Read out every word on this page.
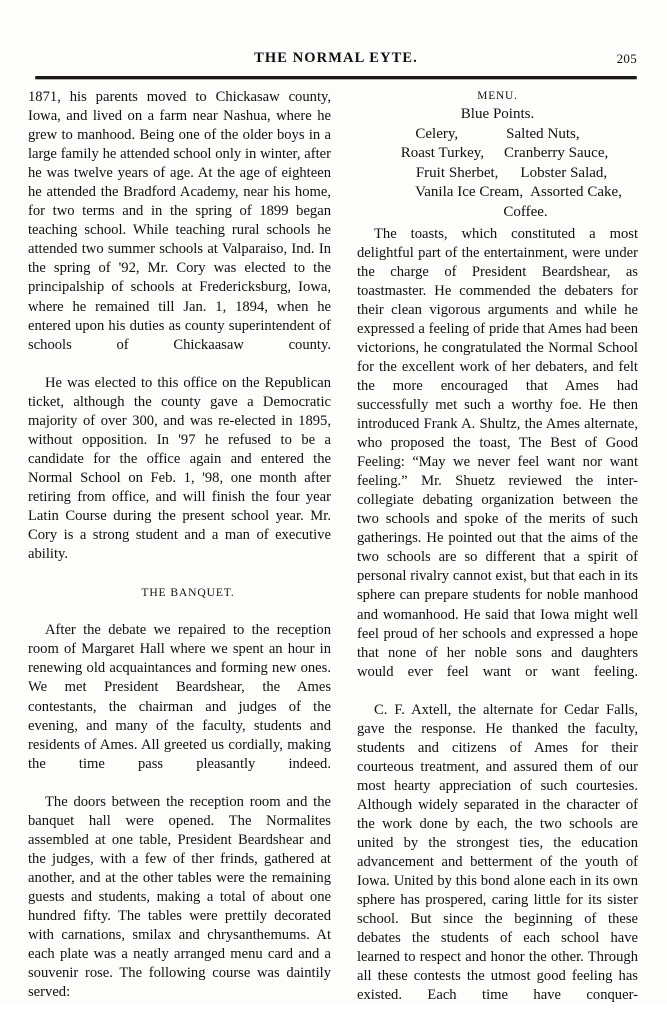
THE NORMAL EYTE.	205

1871, his parents moved to Chickasaw county, Iowa, and lived on a farm near Nashua, where he grew to manhood. Being one of the older boys in a large family he attended school only in winter, after he was twelve years of age. At the age of eighteen he attended the Bradford Academy, near his home, for two terms and in the spring of 1899 began teaching school. While teaching rural schools he attended two summer schools at Valparaiso, Ind. In the spring of '92, Mr. Cory was elected to the principalship of schools at Fredericksburg, Iowa, where he remained till Jan. 1, 1894, when he entered upon his duties as county superintendent of schools of Chickaasaw county.

He was elected to this office on the Republican ticket, although the county gave a Democratic majority of over 300, and was re-elected in 1895, without opposition. In '97 he refused to be a candidate for the office again and entered the Normal School on Feb. 1, '98, one month after retiring from office, and will finish the four year Latin Course during the present school year. Mr. Cory is a strong student and a man of executive ability.

THE BANQUET.

After the debate we repaired to the reception room of Margaret Hall where we spent an hour in renewing old acquaintances and forming new ones. We met President Beardshear, the Ames contestants, the chairman and judges of the evening, and many of the faculty, students and residents of Ames. All greeted us cordially, making the time pass pleasantly indeed.

The doors between the reception room and the banquet hall were opened. The Normalites assembled at one table, President Beardshear and the judges, with a few of ther frinds, gathered at another, and at the other tables were the remaining guests and students, making a total of about one hundred fifty. The tables were prettily decorated with carnations, smilax and chrysanthemums. At each plate was a neatly arranged menu card and a souvenir rose. The following course was daintily served:

MENU.
Blue Points.
Celery,	Salted Nuts,
Roast Turkey, Cranberry Sauce,
Fruit Sherbet, Lobster Salad,
Vanila Ice Cream, Assorted Cake,
Coffee.

The toasts, which constituted a most delightful part of the entertainment, were under the charge of President Beardshear, as toastmaster. He commended the debaters for their clean vigorous arguments and while he expressed a feeling of pride that Ames had been victorions, he congratulated the Normal School for the excellent work of her debaters, and felt the more encouraged that Ames had successfully met such a worthy foe. He then introduced Frank A. Shultz, the Ames alternate, who proposed the toast, The Best of Good Feeling: “May we never feel want nor want feeling.” Mr. Shuetz reviewed the inter-collegiate debating organization between the two schools and spoke of the merits of such gatherings. He pointed out that the aims of the two schools are so different that a spirit of personal rivalry cannot exist, but that each in its sphere can prepare students for noble manhood and womanhood. He said that Iowa might well feel proud of her schools and expressed a hope that none of her noble sons and daughters would ever feel want or want feeling.

C. F. Axtell, the alternate for Cedar Falls, gave the response. He thanked the faculty, students and citizens of Ames for their courteous treatment, and assured them of our most hearty appreciation of such courtesies. Although widely separated in the character of the work done by each, the two schools are united by the strongest ties, the education advancement and betterment of the youth of Iowa. United by this bond alone each in its own sphere has prospered, caring little for its sister school. But since the beginning of these debates the students of each school have learned to respect and honor the other. Through all these contests the utmost good feeling has existed. Each time have conquer-
